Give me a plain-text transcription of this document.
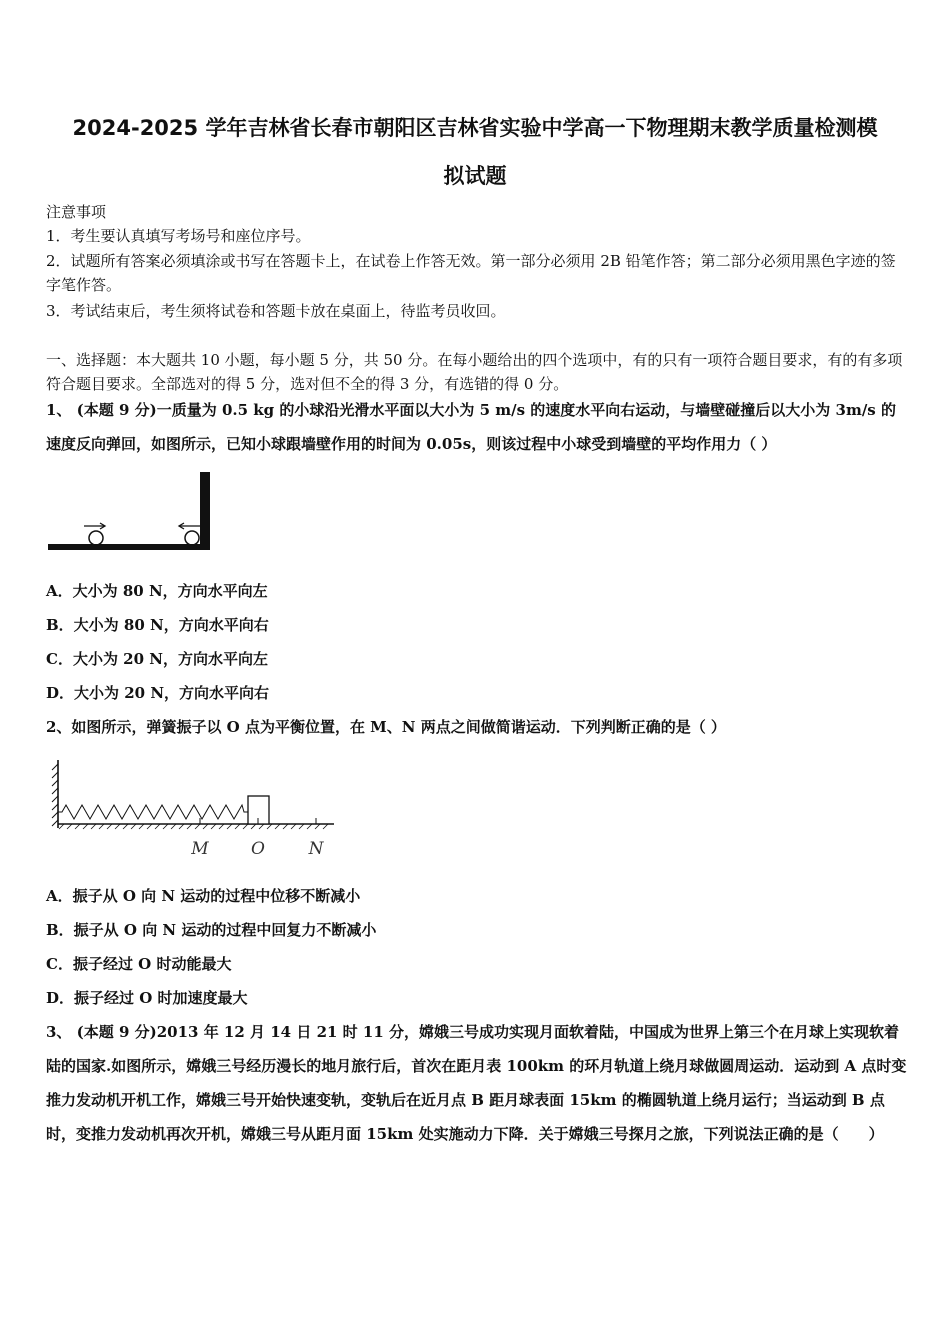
2024-2025 学年吉林省长春市朝阳区吉林省实验中学高一下物理期末教学质量检测模
拟试题
注意事项
1．考生要认真填写考场号和座位序号。
2．试题所有答案必须填涂或书写在答题卡上，在试卷上作答无效。第一部分必须用 2B 铅笔作答；第二部分必须用黑色字迹的签字笔作答。
3．考试结束后，考生须将试卷和答题卡放在桌面上，待监考员收回。
一、选择题：本大题共 10 小题，每小题 5 分，共 50 分。在每小题给出的四个选项中，有的只有一项符合题目要求，有的有多项符合题目要求。全部选对的得 5 分，选对但不全的得 3 分，有选错的得 0 分。
1、 (本题 9 分)一质量为 0.5 kg 的小球沿光滑水平面以大小为 5 m/s 的速度水平向右运动，与墙壁碰撞后以大小为 3m/s 的速度反向弹回，如图所示，已知小球跟墙壁作用的时间为 0.05s，则该过程中小球受到墙壁的平均作用力（ ）
A．大小为 80 N，方向水平向左
B．大小为 80 N，方向水平向右
C．大小为 20 N，方向水平向左
D．大小为 20 N，方向水平向右
2、如图所示，弹簧振子以 O 点为平衡位置，在 M、N 两点之间做简谐运动．下列判断正确的是（ ）
M O	N
A．振子从 O 向 N 运动的过程中位移不断减小
B．振子从 O 向 N 运动的过程中回复力不断减小
C．振子经过 O 时动能最大
D．振子经过 O 时加速度最大
3、 (本题 9 分)2013 年 12 月 14 日 21 时 11 分，嫦娥三号成功实现月面软着陆，中国成为世界上第三个在月球上实现软着陆的国家.如图所示，嫦娥三号经历漫长的地月旅行后，首次在距月表 100km 的环月轨道上绕月球做圆周运动．运动到 A 点时变推力发动机开机工作，嫦娥三号开始快速变轨，变轨后在近月点 B 距月球表面 15km 的椭圆轨道上绕月运行；当运动到 B 点时，变推力发动机再次开机，嫦娥三号从距月面 15km 处实施动力下降．关于嫦娥三号探月之旅，下列说法正确的是（　　）
